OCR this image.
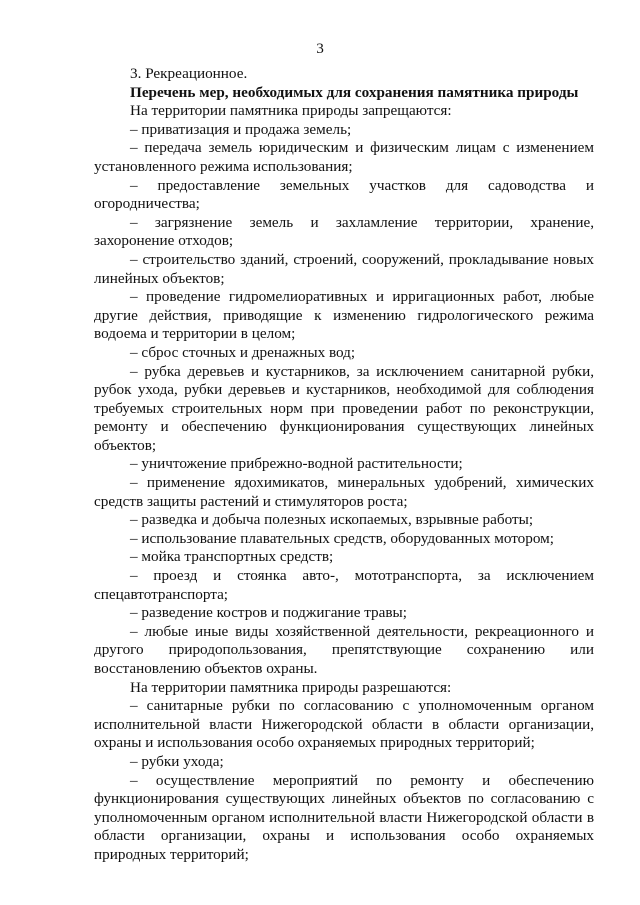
3

3. Рекреационное.

Перечень мер, необходимых для сохранения памятника природы

На территории памятника природы запрещаются:

– приватизация и продажа земель;

– передача земель юридическим и физическим лицам с изменением установленного режима использования;

– предоставление земельных участков для садоводства и огородничества;

– загрязнение земель и захламление территории, хранение, захоронение отходов;

– строительство зданий, строений, сооружений, прокладывание новых линейных объектов;

– проведение гидромелиоративных и ирригационных работ, любые другие действия, приводящие к изменению гидрологического режима водоема и территории в целом;

– сброс сточных и дренажных вод;

– рубка деревьев и кустарников, за исключением санитарной рубки, рубок ухода, рубки деревьев и кустарников, необходимой для соблюдения требуемых строительных норм при проведении работ по реконструкции, ремонту и обеспечению функционирования существующих линейных объектов;

– уничтожение прибрежно-водной растительности;

– применение ядохимикатов, минеральных удобрений, химических средств защиты растений и стимуляторов роста;

– разведка и добыча полезных ископаемых, взрывные работы;

– использование плавательных средств, оборудованных мотором;

– мойка транспортных средств;

– проезд и стоянка авто-, мототранспорта, за исключением спецавтотранспорта;

– разведение костров и поджигание травы;

– любые иные виды хозяйственной деятельности, рекреационного и другого природопользования, препятствующие сохранению или восстановлению объектов охраны.

На территории памятника природы разрешаются:

– санитарные рубки по согласованию с уполномоченным органом исполнительной власти Нижегородской области в области организации, охраны и использования особо охраняемых природных территорий;

– рубки ухода;

– осуществление мероприятий по ремонту и обеспечению функционирования существующих линейных объектов по согласованию с уполномоченным органом исполнительной власти Нижегородской области в области организации, охраны и использования особо охраняемых природных территорий;
